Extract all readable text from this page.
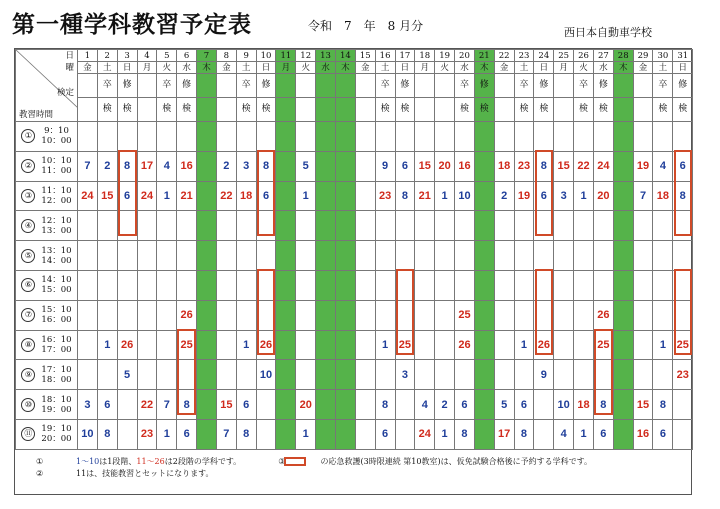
第一種学科教習予定表	令和　7　年　8 月分	西日本自動車学校
日
曜
検定
教習時間	1	2	3	4	5	6	7	8	9	10	11	12	13	14	15	16	17	18	19	20	21	22	23	24	25	26	27	28	29	30	31
	金	土	日	月	火	水	木	金	土	日	月	火	水	木	金	土	日	月	火	水	木	金	土	日	月	火	水	木	金	土	日
		卒	修		卒	修			卒	修						卒	修			卒	修		卒	修		卒	修			卒	修
		検	検		検	検			検	検						検	検			検	検		検	検		検	検			検	検
① 9：10
10：00																															
② 10：10
11：00	7	2	8	17	4	16		2	3	8		5				9	6	15	20	16		18	23	8	15	22	24		19	4	6
③ 11：10
12：00	24	15	6	24	1	21		22	18	6		1				23	8	21	1	10		2	19	6	3	1	20		7	18	8
④ 12：10
13：00																															
⑤ 13：10
14：00																															
⑥ 14：10
15：00																															
⑦ 15：10
16：00						26														25							26				
⑧ 16：10
17：00		1	26			25			1	26						1	25			26			1	26			25			1	25
⑨ 17：10
18：00			5							10							3							9							23
⑩ 18：10
19：00	3	6		22	7	8		15	6			20				8		4	2	6		5	6		10	18	8		15	8	
⑪ 19：10
20：00	10	8		23	1	6		7	8			1				6		24	1	8		17	8		4	1	6		16	6	
①	1〜10は1段階、11〜26は2段階の学科です。	③	の応急救護(3時限連続 第10教室)は、仮免試験合格後に予約する学科です。
②	11は、技能教習とセットになります。
